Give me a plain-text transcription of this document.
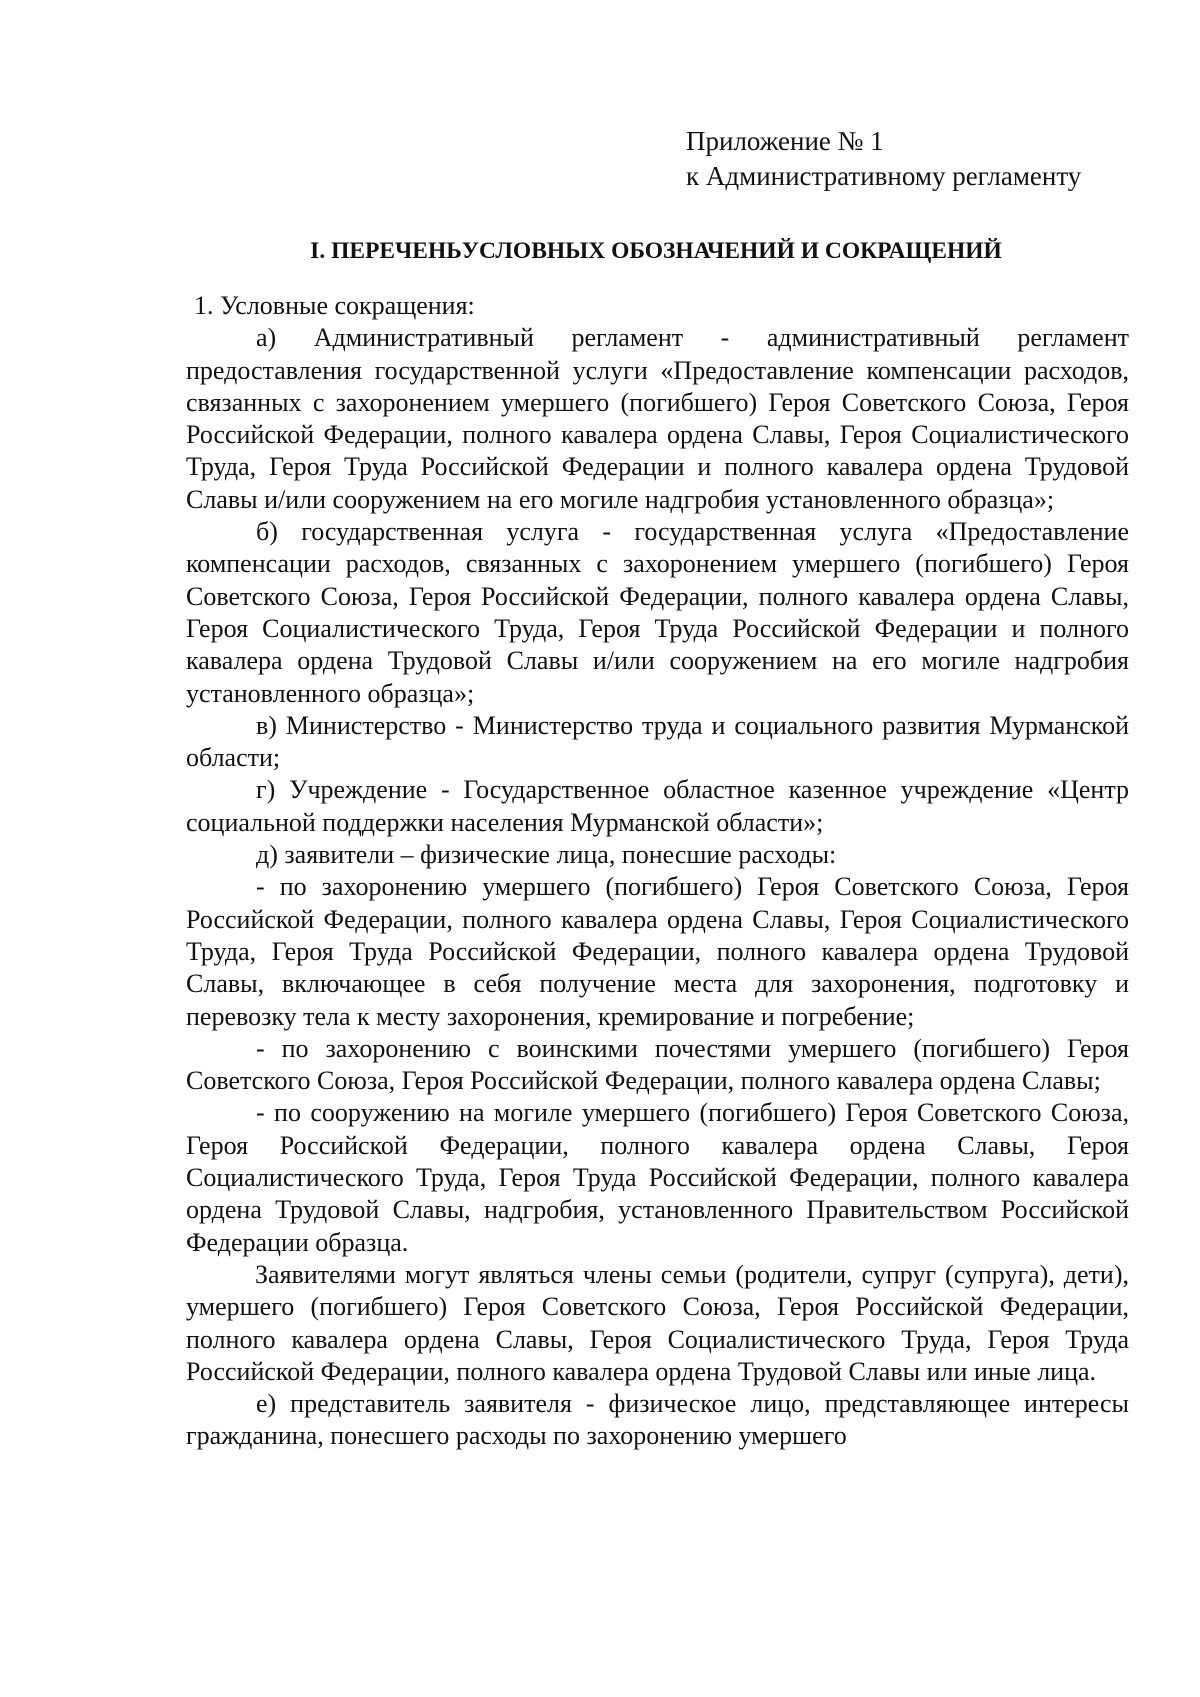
Приложение № 1
к Административному регламенту
I. ПЕРЕЧЕНЬУСЛОВНЫХ ОБОЗНАЧЕНИЙ И СОКРАЩЕНИЙ

1. Условные сокращения:

а) Административный регламент - административный регламент предоставления государственной услуги «Предоставление компенсации расходов, связанных с захоронением умершего (погибшего) Героя Советского Союза, Героя Российской Федерации, полного кавалера ордена Славы, Героя Социалистического Труда, Героя Труда Российской Федерации и полного кавалера ордена Трудовой Славы и/или сооружением на его могиле надгробия установленного образца»;

б) государственная услуга - государственная услуга «Предоставление компенсации расходов, связанных с захоронением умершего (погибшего) Героя Советского Союза, Героя Российской Федерации, полного кавалера ордена Славы, Героя Социалистического Труда, Героя Труда Российской Федерации и полного кавалера ордена Трудовой Славы и/или сооружением на его могиле надгробия установленного образца»;

в) Министерство - Министерство труда и социального развития Мурманской области;

г) Учреждение - Государственное областное казенное учреждение «Центр социальной поддержки населения Мурманской области»;

д) заявители – физические лица, понесшие расходы:

- по захоронению умершего (погибшего) Героя Советского Союза, Героя Российской Федерации, полного кавалера ордена Славы, Героя Социалистического Труда, Героя Труда Российской Федерации, полного кавалера ордена Трудовой Славы, включающее в себя получение места для захоронения, подготовку и перевозку тела к месту захоронения, кремирование и погребение;

- по захоронению с воинскими почестями умершего (погибшего) Героя Советского Союза, Героя Российской Федерации, полного кавалера ордена Славы;

- по сооружению на могиле умершего (погибшего) Героя Советского Союза, Героя Российской Федерации, полного кавалера ордена Славы, Героя Социалистического Труда, Героя Труда Российской Федерации, полного кавалера ордена Трудовой Славы, надгробия, установленного Правительством Российской Федерации образца.

Заявителями могут являться члены семьи (родители, супруг (супруга), дети), умершего (погибшего) Героя Советского Союза, Героя Российской Федерации, полного кавалера ордена Славы, Героя Социалистического Труда, Героя Труда Российской Федерации, полного кавалера ордена Трудовой Славы или иные лица.

е) представитель заявителя - физическое лицо, представляющее интересы гражданина, понесшего расходы по захоронению умершего
